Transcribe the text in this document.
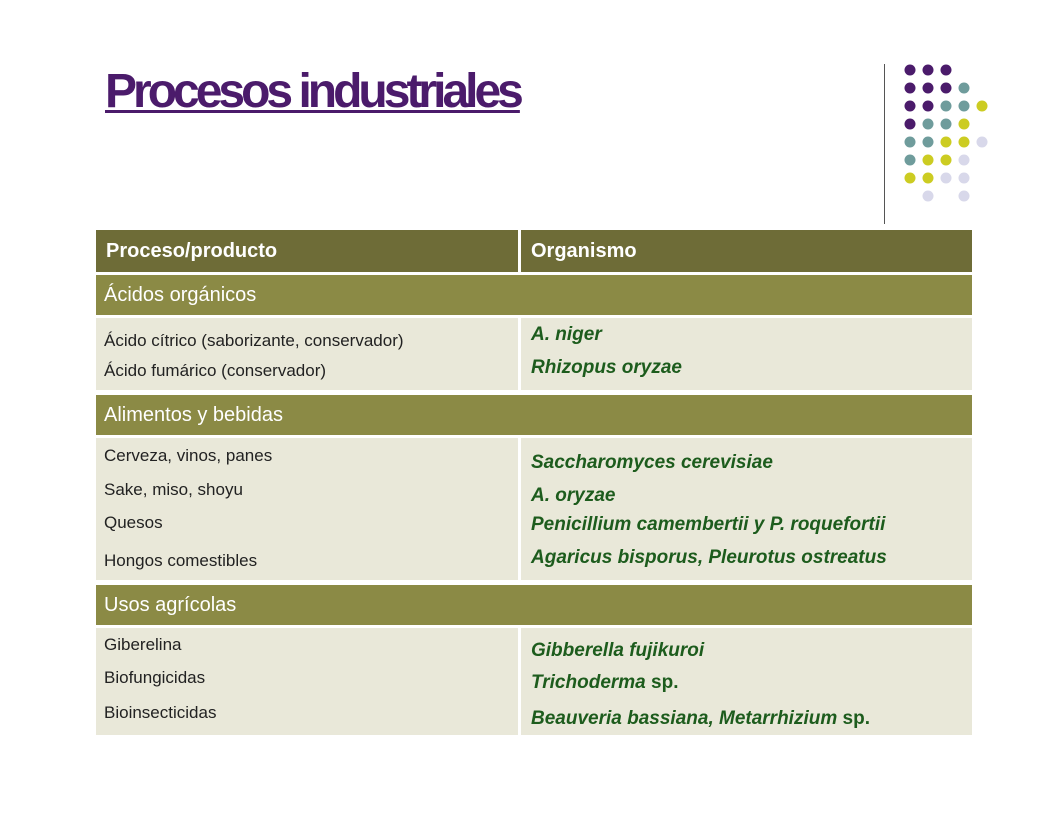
Procesos industriales
Proceso/producto	Organismo
Ácidos orgánicos
Ácido cítrico (saborizante, conservador)
Ácido fumárico (conservador)
A. niger
Rhizopus oryzae
Alimentos y bebidas
Cerveza, vinos, panes
Sake, miso, shoyu
Quesos
Hongos comestibles
Saccharomyces cerevisiae
A. oryzae
Penicillium camembertii y P. roquefortii
Agaricus bisporus, Pleurotus ostreatus
Usos agrícolas
Giberelina
Biofungicidas
Bioinsecticidas
Gibberella fujikuroi
Trichoderma sp.
Beauveria bassiana, Metarrhizium sp.
